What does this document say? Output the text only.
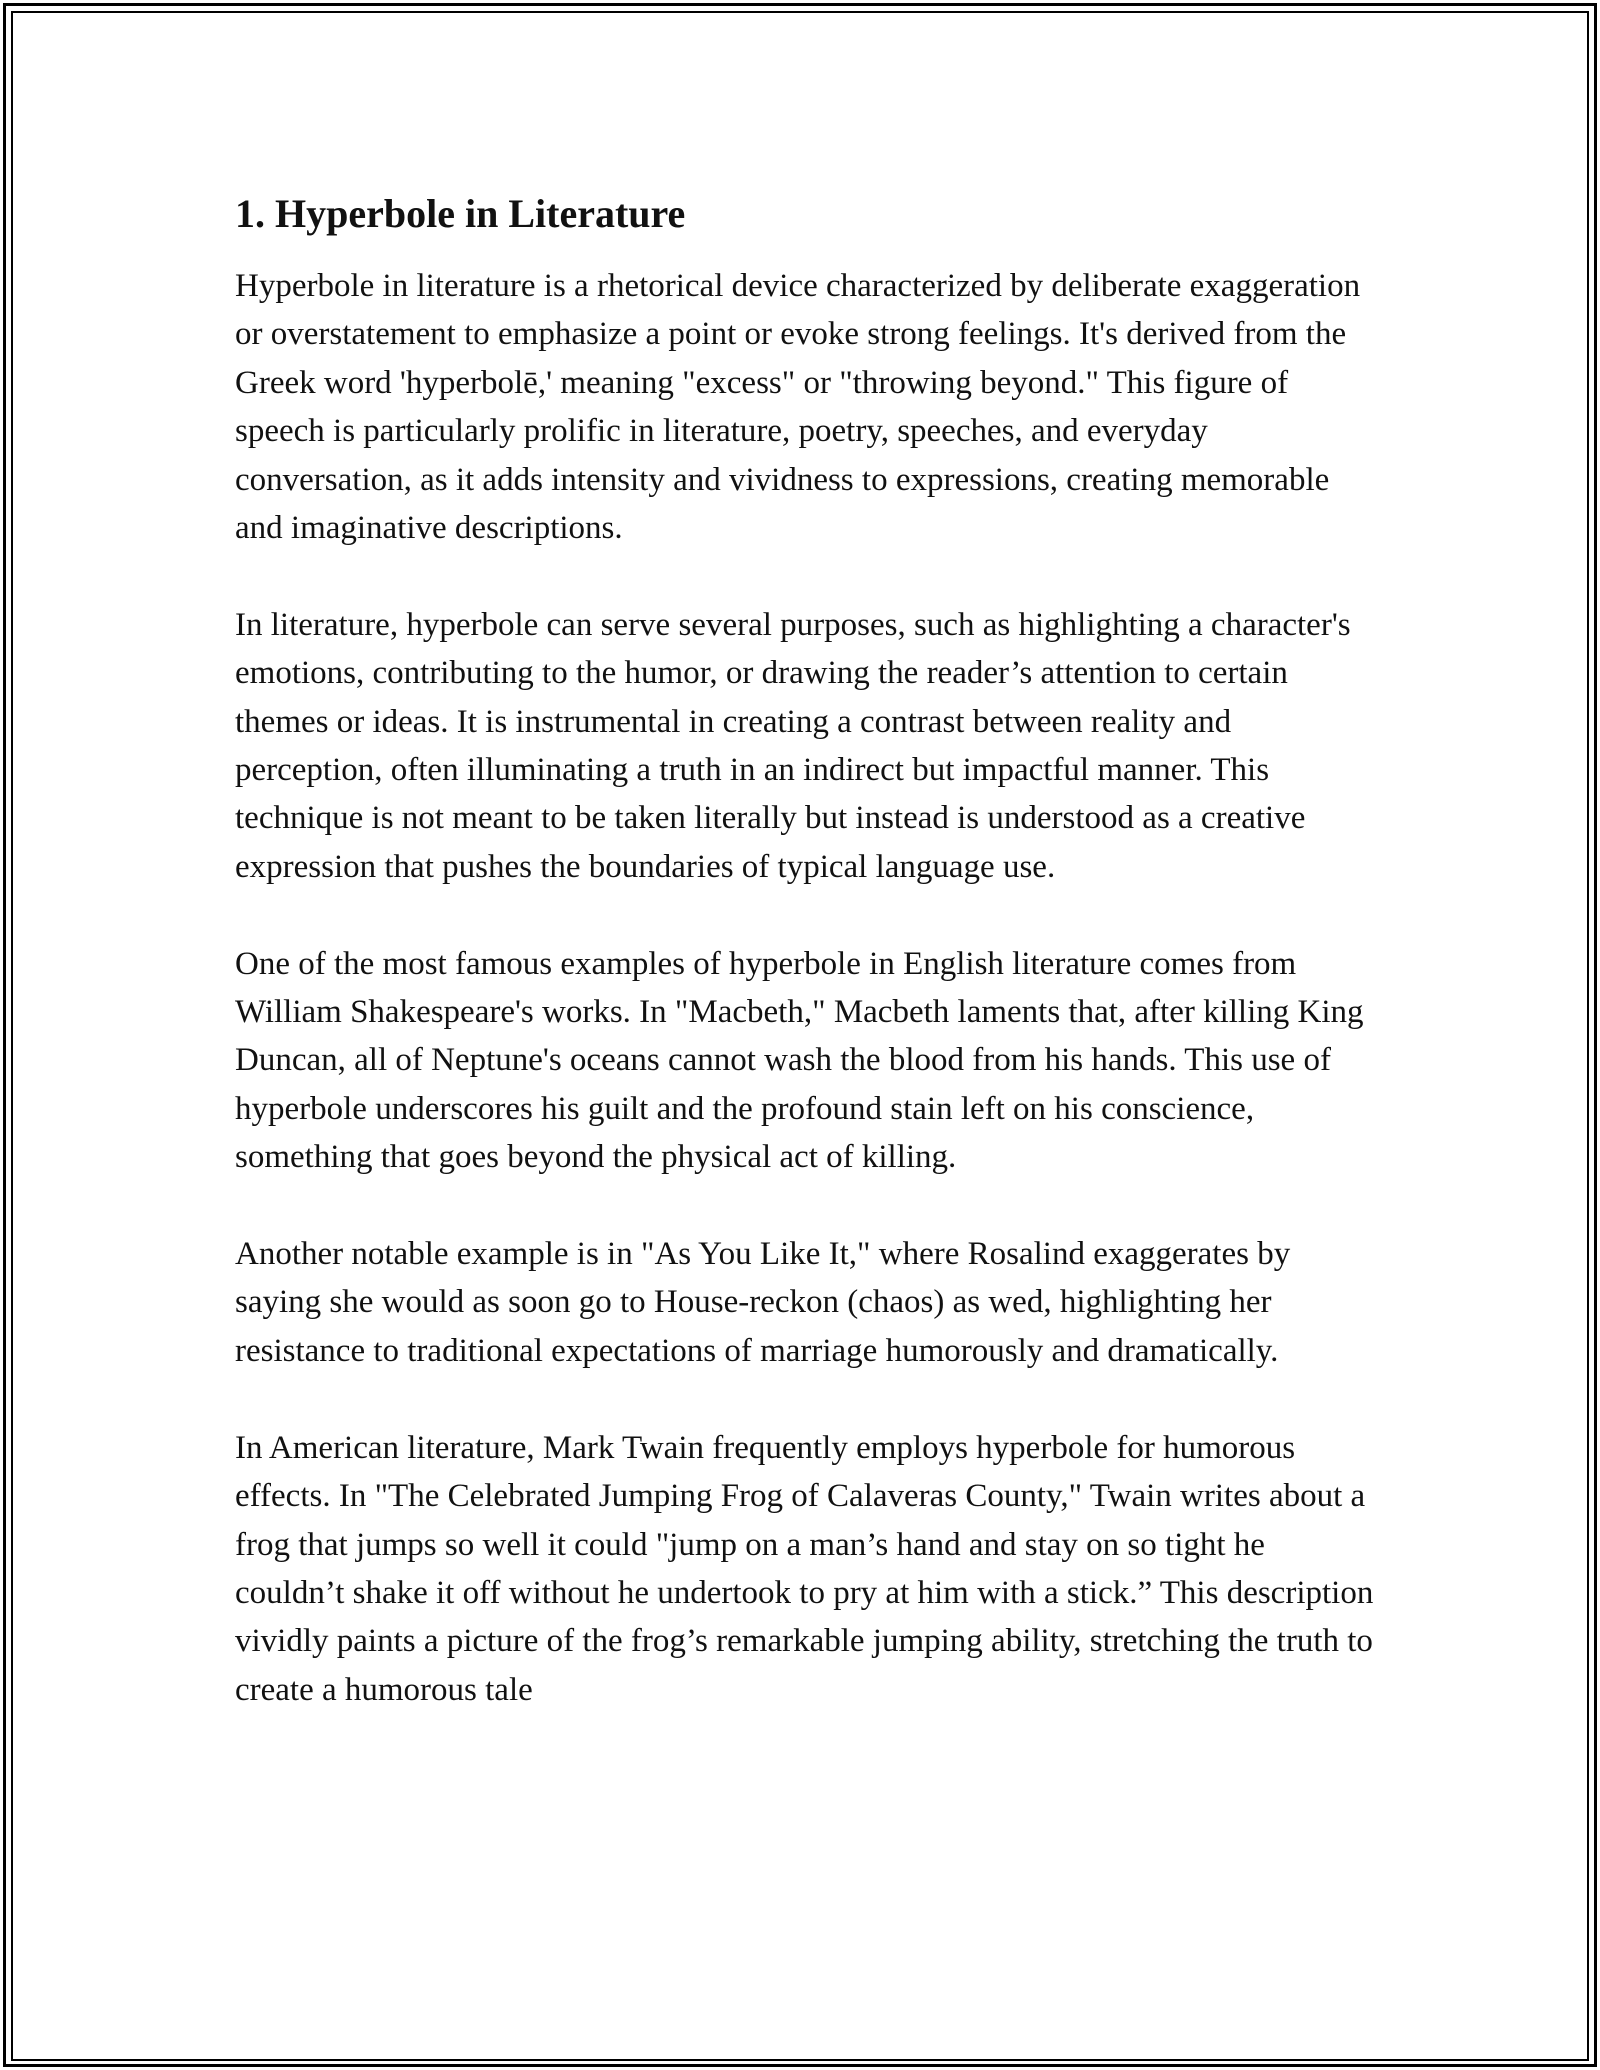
1. Hyperbole in Literature

Hyperbole in literature is a rhetorical device characterized by deliberate exaggeration or overstatement to emphasize a point or evoke strong feelings. It's derived from the Greek word 'hyperbolē,' meaning "excess" or "throwing beyond." This figure of speech is particularly prolific in literature, poetry, speeches, and everyday conversation, as it adds intensity and vividness to expressions, creating memorable and imaginative descriptions.

In literature, hyperbole can serve several purposes, such as highlighting a character's emotions, contributing to the humor, or drawing the reader’s attention to certain themes or ideas. It is instrumental in creating a contrast between reality and perception, often illuminating a truth in an indirect but impactful manner. This technique is not meant to be taken literally but instead is understood as a creative expression that pushes the boundaries of typical language use.

One of the most famous examples of hyperbole in English literature comes from William Shakespeare's works. In "Macbeth," Macbeth laments that, after killing King Duncan, all of Neptune's oceans cannot wash the blood from his hands. This use of hyperbole underscores his guilt and the profound stain left on his conscience, something that goes beyond the physical act of killing.

Another notable example is in "As You Like It," where Rosalind exaggerates by saying she would as soon go to House-reckon (chaos) as wed, highlighting her resistance to traditional expectations of marriage humorously and dramatically.

In American literature, Mark Twain frequently employs hyperbole for humorous effects. In "The Celebrated Jumping Frog of Calaveras County," Twain writes about a frog that jumps so well it could "jump on a man’s hand and stay on so tight he couldn’t shake it off without he undertook to pry at him with a stick.” This description vividly paints a picture of the frog’s remarkable jumping ability, stretching the truth to create a humorous tale
